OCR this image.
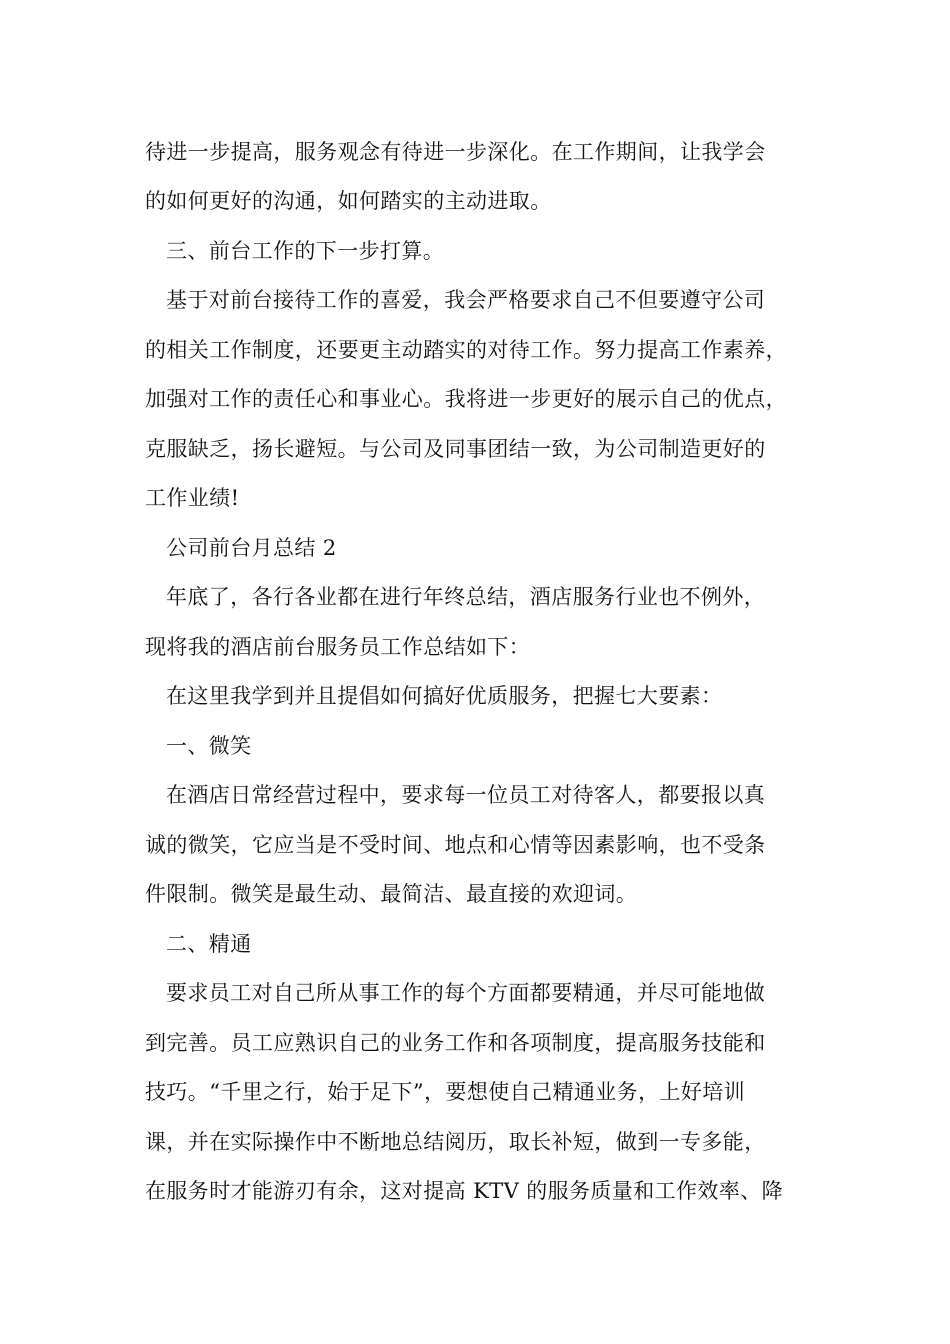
待进一步提高，服务观念有待进一步深化。在工作期间，让我学会
的如何更好的沟通，如何踏实的主动进取。
三、前台工作的下一步打算。
基于对前台接待工作的喜爱，我会严格要求自己不但要遵守公司
的相关工作制度，还要更主动踏实的对待工作。努力提高工作素养，
加强对工作的责任心和事业心。我将进一步更好的展示自己的优点，
克服缺乏，扬长避短。与公司及同事团结一致，为公司制造更好的
工作业绩!
公司前台月总结 2
年底了，各行各业都在进行年终总结，酒店服务行业也不例外，
现将我的酒店前台服务员工作总结如下：
在这里我学到并且提倡如何搞好优质服务，把握七大要素：
一、微笑
在酒店日常经营过程中，要求每一位员工对待客人，都要报以真
诚的微笑，它应当是不受时间、地点和心情等因素影响，也不受条
件限制。微笑是最生动、最简洁、最直接的欢迎词。
二、精通
要求员工对自己所从事工作的每个方面都要精通，并尽可能地做
到完善。员工应熟识自己的业务工作和各项制度，提高服务技能和
技巧。“千里之行，始于足下”，要想使自己精通业务，上好培训
课，并在实际操作中不断地总结阅历，取长补短，做到一专多能，
在服务时才能游刃有余，这对提高 KTV 的服务质量和工作效率、降
